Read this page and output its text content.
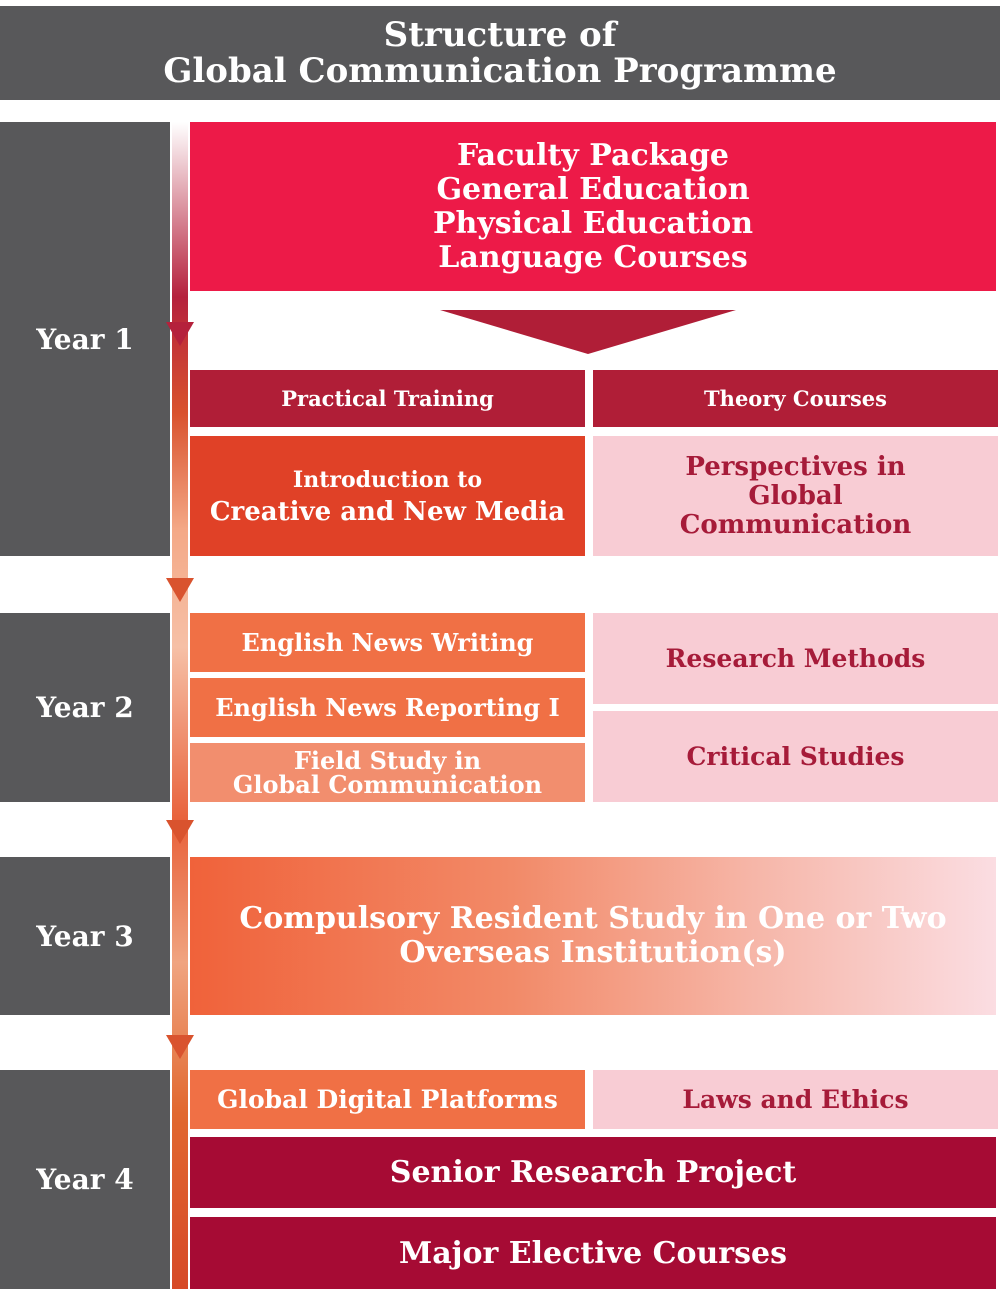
Structure of
Global Communication Programme
Year 1
Year 2
Year 3
Year 4
Faculty Package
General Education
Physical Education
Language Courses
Practical Training	Theory Courses
Introduction to
Creative and New Media
Perspectives in
Global
Communication
English News Writing
English News Reporting I
Field Study in
Global Communication
Research Methods
Critical Studies
Compulsory Resident Study in One or Two
Overseas Institution(s)
Global Digital Platforms	Laws and Ethics
Senior Research Project
Major Elective Courses
